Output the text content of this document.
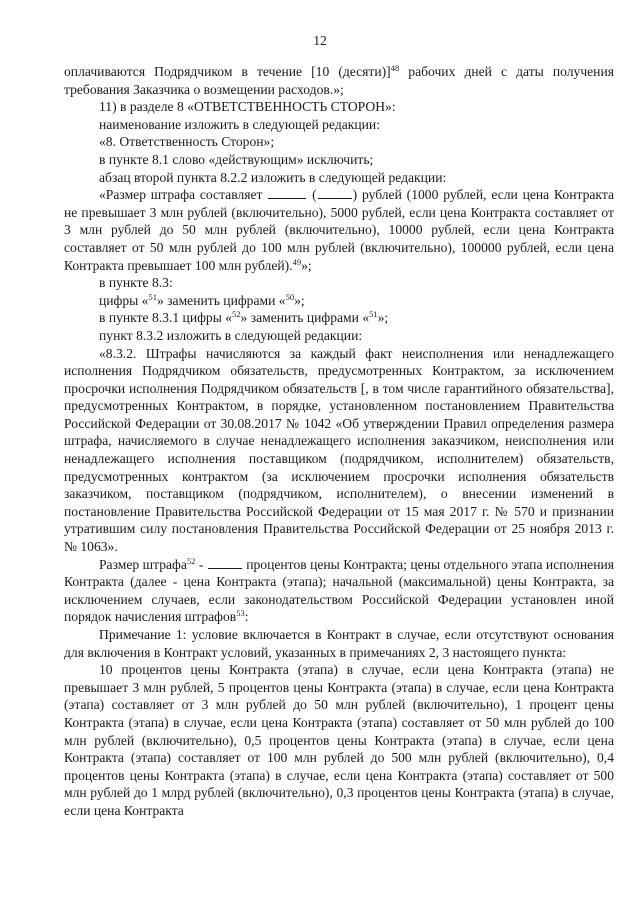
12

оплачиваются Подрядчиком в течение [10 (десяти)]$^{48}$ рабочих дней с даты получения требования Заказчика о возмещении расходов.»;

11) в разделе 8 «ОТВЕТСТВЕННОСТЬ СТОРОН»:

наименование изложить в следующей редакции:

«8. Ответственность Сторон»;

в пункте 8.1 слово «действующим» исключить;

абзац второй пункта 8.2.2 изложить в следующей редакции:

«Размер штрафа составляет	(	) рублей (1000 рублей, если цена Контракта не превышает 3 млн рублей (включительно), 5000 рублей, если цена Контракта составляет от 3 млн рублей до 50 млн рублей (включительно), 10000 рублей, если цена Контракта составляет от 50 млн рублей до 100 млн рублей (включительно), 100000 рублей, если цена Контракта превышает 100 млн рублей).$^{49}$»;

в пункте 8.3:

цифры «$^{51}$» заменить цифрами «$^{50}$»;

в пункте 8.3.1 цифры «$^{52}$» заменить цифрами «$^{51}$»;

пункт 8.3.2 изложить в следующей редакции:

«8.3.2. Штрафы начисляются за каждый факт неисполнения или ненадлежащего исполнения Подрядчиком обязательств, предусмотренных Контрактом, за исключением просрочки исполнения Подрядчиком обязательств [, в том числе гарантийного обязательства], предусмотренных Контрактом, в порядке, установленном постановлением Правительства Российской Федерации от 30.08.2017 № 1042 «Об утверждении Правил определения размера штрафа, начисляемого в случае ненадлежащего исполнения заказчиком, неисполнения или ненадлежащего исполнения поставщиком (подрядчиком, исполнителем) обязательств, предусмотренных контрактом (за исключением просрочки исполнения обязательств заказчиком, поставщиком (подрядчиком, исполнителем), о внесении изменений в постановление Правительства Российской Федерации от 15 мая 2017 г. № 570 и признании утратившим силу постановления Правительства Российской Федерации от 25 ноября 2013 г. № 1063».

Размер штрафа$^{52}$ -	процентов цены Контракта; цены отдельного этапа исполнения Контракта (далее - цена Контракта (этапа); начальной (максимальной) цены Контракта, за исключением случаев, если законодательством Российской Федерации установлен иной порядок начисления штрафов$^{53}$:

Примечание 1: условие включается в Контракт в случае, если отсутствуют основания для включения в Контракт условий, указанных в примечаниях 2, 3 настоящего пункта:

10 процентов цены Контракта (этапа) в случае, если цена Контракта (этапа) не превышает 3 млн рублей, 5 процентов цены Контракта (этапа) в случае, если цена Контракта (этапа) составляет от 3 млн рублей до 50 млн рублей (включительно), 1 процент цены Контракта (этапа) в случае, если цена Контракта (этапа) составляет от 50 млн рублей до 100 млн рублей (включительно), 0,5 процентов цены Контракта (этапа) в случае, если цена Контракта (этапа) составляет от 100 млн рублей до 500 млн рублей (включительно), 0,4 процентов цены Контракта (этапа) в случае, если цена Контракта (этапа) составляет от 500 млн рублей до 1 млрд рублей (включительно), 0,3 процентов цены Контракта (этапа) в случае, если цена Контракта
